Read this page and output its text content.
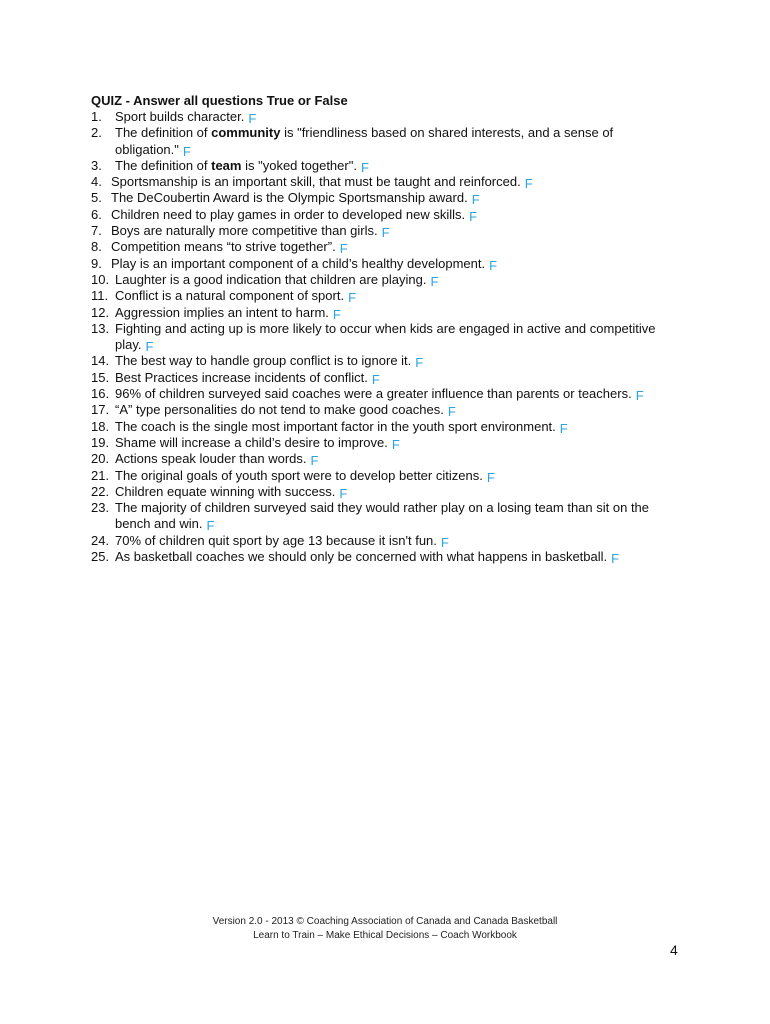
QUIZ - Answer all questions True or False
1. Sport builds character. F
2. The definition of community is "friendliness based on shared interests, and a sense of obligation." F
3. The definition of team is "yoked together". F
4. Sportsmanship is an important skill, that must be taught and reinforced. F
5. The DeCoubertin Award is the Olympic Sportsmanship award. F
6. Children need to play games in order to developed new skills. F
7. Boys are naturally more competitive than girls. F
8. Competition means “to strive together”. F
9. Play is an important component of a child’s healthy development. F
10. Laughter is a good indication that children are playing. F
11. Conflict is a natural component of sport. F
12. Aggression implies an intent to harm. F
13. Fighting and acting up is more likely to occur when kids are engaged in active and competitive play. F
14. The best way to handle group conflict is to ignore it. F
15. Best Practices increase incidents of conflict. F
16. 96% of children surveyed said coaches were a greater influence than parents or teachers. F
17. “A” type personalities do not tend to make good coaches. F
18. The coach is the single most important factor in the youth sport environment. F
19. Shame will increase a child’s desire to improve. F
20. Actions speak louder than words. F
21. The original goals of youth sport were to develop better citizens. F
22. Children equate winning with success. F
23. The majority of children surveyed said they would rather play on a losing team than sit on the bench and win. F
24. 70% of children quit sport by age 13 because it isn't fun. F
25. As basketball coaches we should only be concerned with what happens in basketball. F
Version 2.0 - 2013 © Coaching Association of Canada and Canada Basketball
Learn to Train – Make Ethical Decisions – Coach Workbook
4
